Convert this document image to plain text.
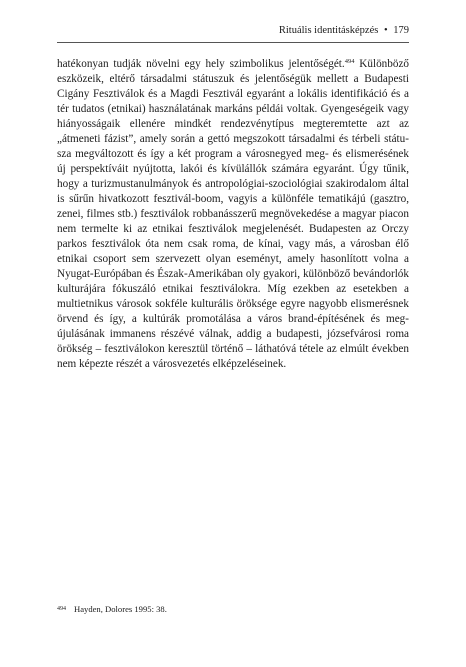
Rituális identitásképzés • 179
hatékonyan tudják növelni egy hely szimbolikus jelentőségét.$^{494}$ Különböző eszközeik, eltérő társadalmi státuszuk és jelentőségük mellett a Budapesti Cigány Fesztiválok és a Magdi Fesztivál egyaránt a lokális identifikáció és a tér tudatos (etnikai) használatának markáns példái voltak. Gyengeségeik vagy hiányosságaik ellenére mindkét rendezvénytípus megteremtette azt az „átmeneti fázist”, amely során a gettó megszokott társadalmi és térbeli státusza megváltozott és így a két program a városnegyed meg- és elismerésének új perspektíváit nyújtotta, lakói és kívülállók számára egyaránt. Úgy tűnik, hogy a turizmustanulmányok és antropológiai-szociológiai szakirodalom által is sűrűn hivatkozott fesztivál-boom, vagyis a különféle tematikájú (gasztro, zenei, filmes stb.) fesztiválok robbanásszerű megnövekedése a magyar piacon nem termelte ki az etnikai fesztiválok megjelenését. Budapesten az Orczy parkos fesztiválok óta nem csak roma, de kínai, vagy más, a városban élő etnikai csoport sem szervezett olyan eseményt, amely hasonlított volna a Nyugat-Európában és Észak-Amerikában oly gyakori, különböző bevándorlók kulturájára fókuszáló etnikai fesztiválokra. Míg ezekben az esetekben a multietnikus városok sokféle kulturális öröksége egyre nagyobb elismerésnek örvend és így, a kultúrák promotálása a város brand-építésének és megújulásának immanens részévé válnak, addig a budapesti, józsefvárosi roma örökség – fesztiválokon keresztül történő – láthatóvá tétele az elmúlt években nem képezte részét a városvezetés elképzeléseinek.
$^{494}$ Hayden, Dolores 1995: 38.
